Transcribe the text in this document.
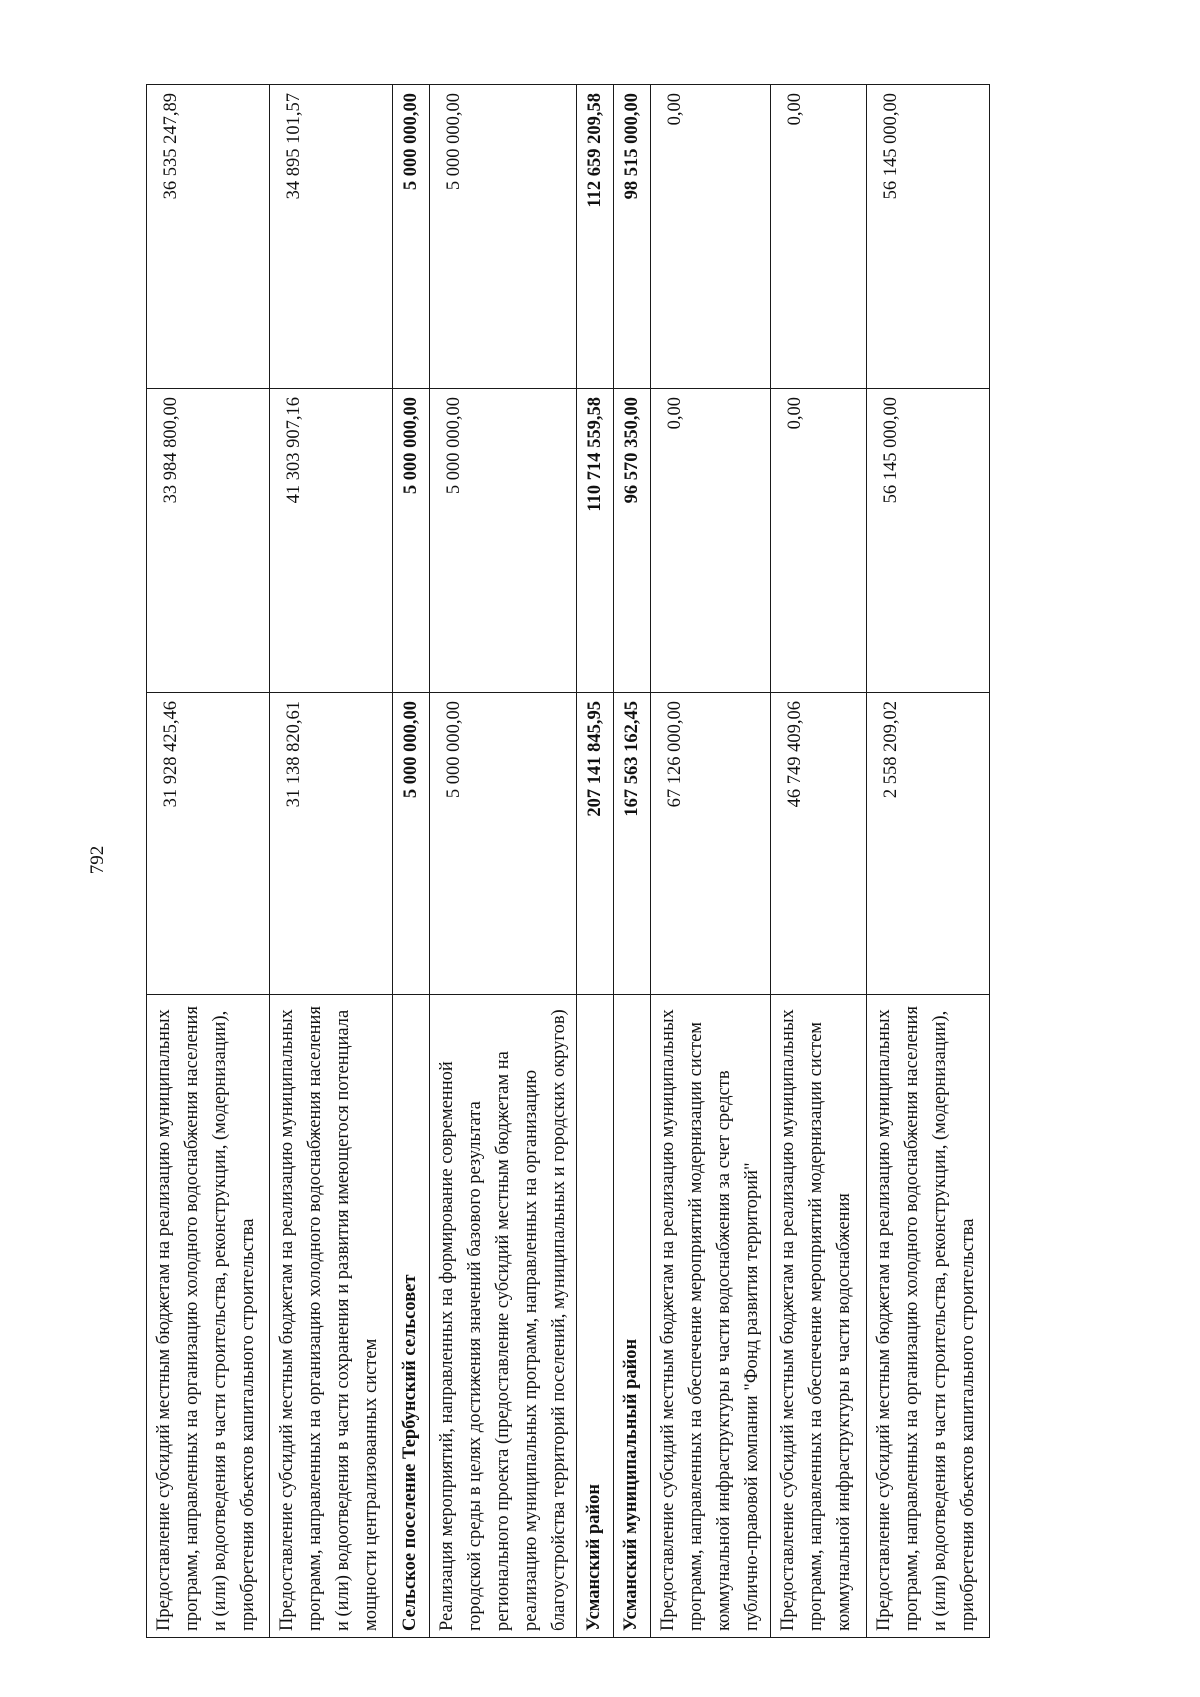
792
Предоставление субсидий местным бюджетам на реализацию муниципальных программ, направленных на организацию холодного водоснабжения населения и (или) водоотведения в части строительства, реконструкции, (модернизации), приобретения объектов капитального строительства	31 928 425,46	33 984 800,00	36 535 247,89
Предоставление субсидий местным бюджетам на реализацию муниципальных программ, направленных на организацию холодного водоснабжения населения и (или) водоотведения в части сохранения и развития имеющегося потенциала мощности централизованных систем	31 138 820,61	41 303 907,16	34 895 101,57
Сельское поселение Тербунский сельсовет	5 000 000,00	5 000 000,00	5 000 000,00
Реализация мероприятий, направленных на формирование современной городской среды в целях достижения значений базового результата регионального проекта (предоставление субсидий местным бюджетам на реализацию муниципальных программ, направленных на организацию благоустройства территорий поселений, муниципальных и городских округов)	5 000 000,00	5 000 000,00	5 000 000,00
Усманский район	207 141 845,95	110 714 559,58	112 659 209,58
Усманский муниципальный район	167 563 162,45	96 570 350,00	98 515 000,00
Предоставление субсидий местным бюджетам на реализацию муниципальных программ, направленных на обеспечение мероприятий модернизации систем коммунальной инфраструктуры в части водоснабжения за счет средств публично-правовой компании "Фонд развития территорий"	67 126 000,00	0,00	0,00
Предоставление субсидий местным бюджетам на реализацию муниципальных программ, направленных на обеспечение мероприятий модернизации систем коммунальной инфраструктуры в части водоснабжения	46 749 409,06	0,00	0,00
Предоставление субсидий местным бюджетам на реализацию муниципальных программ, направленных на организацию холодного водоснабжения населения и (или) водоотведения в части строительства, реконструкции, (модернизации), приобретения объектов капитального строительства	2 558 209,02	56 145 000,00	56 145 000,00
